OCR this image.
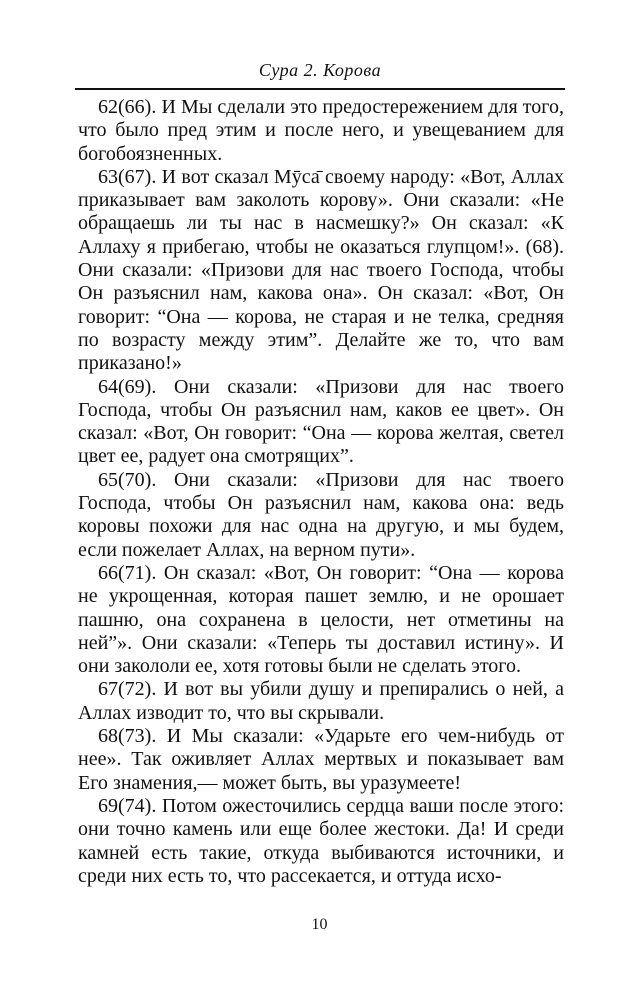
Сура 2. Корова

62(66). И Мы сделали это предостережением для того, что было пред этим и после него, и увещеванием для богобоязненных.

63(67). И вот сказал Мӯса̄ своему народу: «Вот, Аллах приказывает вам заколоть корову». Они сказали: «Не обращаешь ли ты нас в насмешку?» Он сказал: «К Аллаху я прибегаю, чтобы не оказаться глупцом!». (68). Они сказали: «Призови для нас твоего Господа, чтобы Он разъяснил нам, какова она». Он сказал: «Вот, Он говорит: “Она — корова, не старая и не телка, средняя по возрасту между этим”. Делайте же то, что вам приказано!»

64(69). Они сказали: «Призови для нас твоего Господа, чтобы Он разъяснил нам, каков ее цвет». Он сказал: «Вот, Он говорит: “Она — корова желтая, светел цвет ее, радует она смотрящих”.

65(70). Они сказали: «Призови для нас твоего Господа, чтобы Он разъяснил нам, какова она: ведь коровы похожи для нас одна на другую, и мы будем, если пожелает Аллах, на верном пути».

66(71). Он сказал: «Вот, Он говорит: “Она — корова не укрощенная, которая пашет землю, и не орошает пашню, она сохранена в целости, нет отметины на ней”». Они сказали: «Теперь ты доставил истину». И они закололи ее, хотя готовы были не сделать этого.

67(72). И вот вы убили душу и препирались о ней, а Аллах изводит то, что вы скрывали.

68(73). И Мы сказали: «Ударьте его чем-нибудь от нее». Так оживляет Аллах мертвых и показывает вам Его знамения,— может быть, вы уразумеете!

69(74). Потом ожесточились сердца ваши после этого: они точно камень или еще более жестоки. Да! И среди камней есть такие, откуда выбиваются источники, и среди них есть то, что рассекается, и оттуда исхо-

10
